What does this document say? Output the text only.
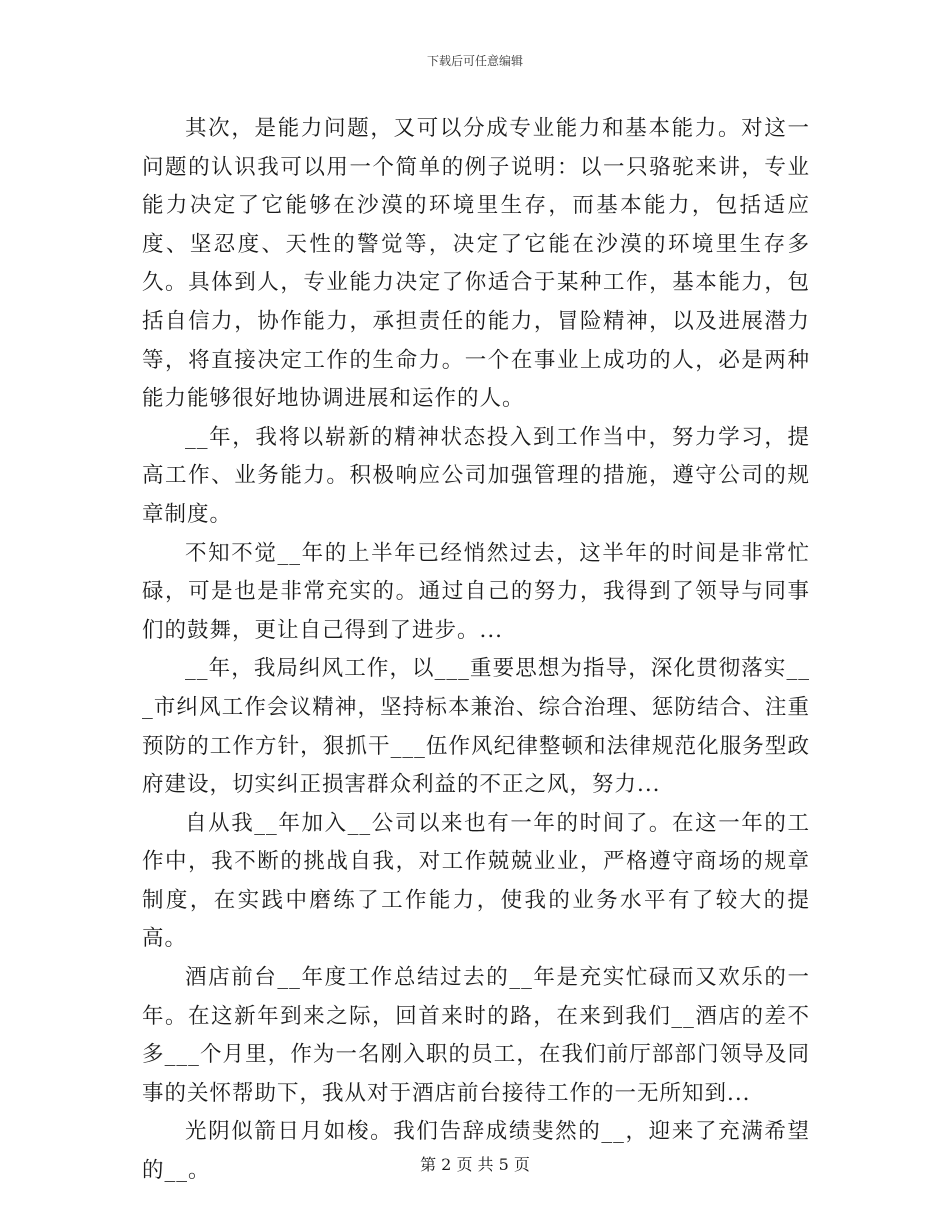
下载后可任意编辑

其次，是能力问题，又可以分成专业能力和基本能力。对这一问题的认识我可以用一个简单的例子说明：以一只骆驼来讲，专业能力决定了它能够在沙漠的环境里生存，而基本能力，包括适应度、坚忍度、天性的警觉等，决定了它能在沙漠的环境里生存多久。具体到人，专业能力决定了你适合于某种工作，基本能力，包括自信力，协作能力，承担责任的能力，冒险精神，以及进展潜力等，将直接决定工作的生命力。一个在事业上成功的人，必是两种能力能够很好地协调进展和运作的人。

__年，我将以崭新的精神状态投入到工作当中，努力学习，提高工作、业务能力。积极响应公司加强管理的措施，遵守公司的规章制度。

不知不觉__年的上半年已经悄然过去，这半年的时间是非常忙碌，可是也是非常充实的。通过自己的努力，我得到了领导与同事们的鼓舞，更让自己得到了进步。...

__年，我局纠风工作，以___重要思想为指导，深化贯彻落实___市纠风工作会议精神，坚持标本兼治、综合治理、惩防结合、注重预防的工作方针，狠抓干___伍作风纪律整顿和法律规范化服务型政府建设，切实纠正损害群众利益的不正之风，努力...

自从我__年加入__公司以来也有一年的时间了。在这一年的工作中，我不断的挑战自我，对工作兢兢业业，严格遵守商场的规章制度，在实践中磨练了工作能力，使我的业务水平有了较大的提高。

酒店前台__年度工作总结过去的__年是充实忙碌而又欢乐的一年。在这新年到来之际，回首来时的路，在来到我们__酒店的差不多___个月里，作为一名刚入职的员工，在我们前厅部部门领导及同事的关怀帮助下，我从对于酒店前台接待工作的一无所知到...

光阴似箭日月如梭。我们告辞成绩斐然的__，迎来了充满希望的__。	第 2 页 共 5 页
